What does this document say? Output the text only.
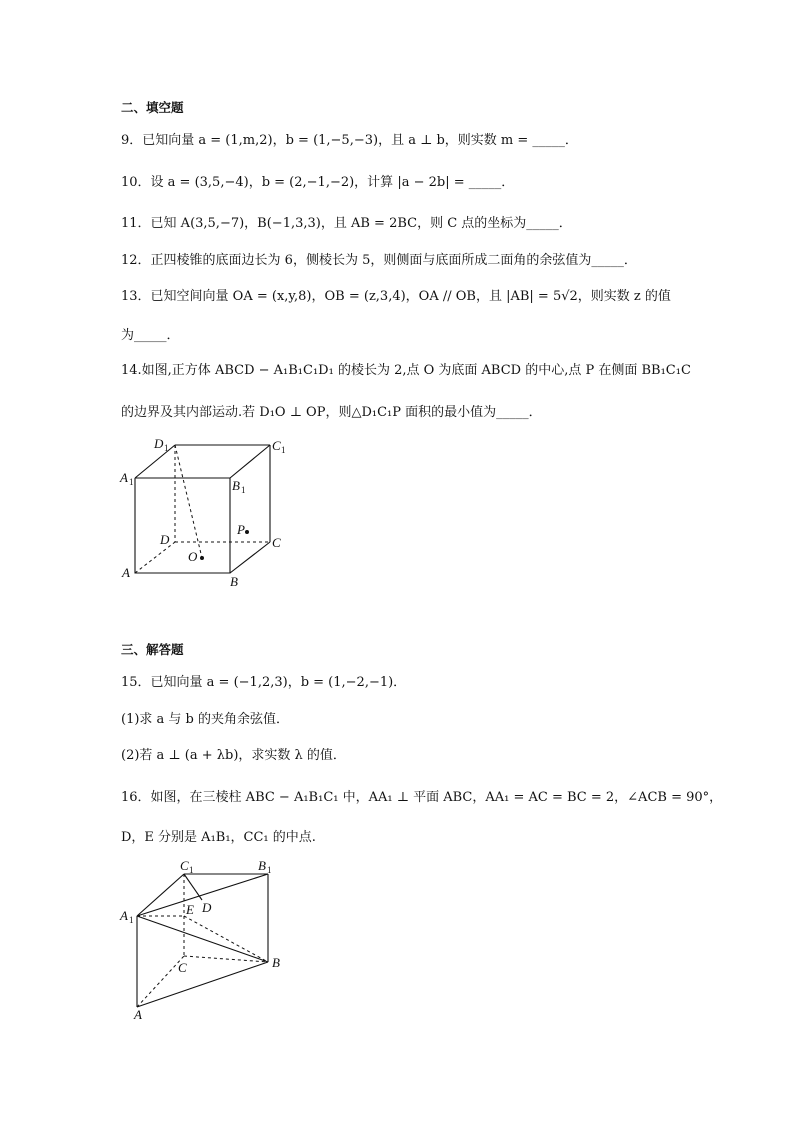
二、填空题
9．已知向量 a = (1,m,2)，b = (1,−5,−3)，且 a ⊥ b，则实数 m = _____．
10．设 a = (3,5,−4)，b = (2,−1,−2)，计算 |a − 2b| = _____．
11．已知 A(3,5,−7)，B(−1,3,3)，且 AB = 2BC，则 C 点的坐标为_____．
12．正四棱锥的底面边长为 6，侧棱长为 5，则侧面与底面所成二面角的余弦值为_____．
13．已知空间向量 OA = (x,y,8)，OB = (z,3,4)，OA // OB，且 |AB| = 5√2，则实数 z 的值
为_____．
14.如图,正方体 ABCD − A₁B₁C₁D₁ 的棱长为 2,点 O 为底面 ABCD 的中心,点 P 在侧面 BB₁C₁C
的边界及其内部运动.若 D₁O ⊥ OP，则△D₁C₁P 面积的最小值为_____．
D 1	C 1
A 1	B 1
D	C
P
O
A
B
三、解答题
15．已知向量 a = (−1,2,3)，b = (1,−2,−1)．
(1)求 a 与 b 的夹角余弦值．
(2)若 a ⊥ (a + λb)，求实数 λ 的值．
16．如图，在三棱柱 ABC − A₁B₁C₁ 中，AA₁ ⊥ 平面 ABC，AA₁ = AC = BC = 2，∠ACB = 90°，
D，E 分别是 A₁B₁，CC₁ 的中点.
C 1	B 1
D
E
A 1
C	B
A
